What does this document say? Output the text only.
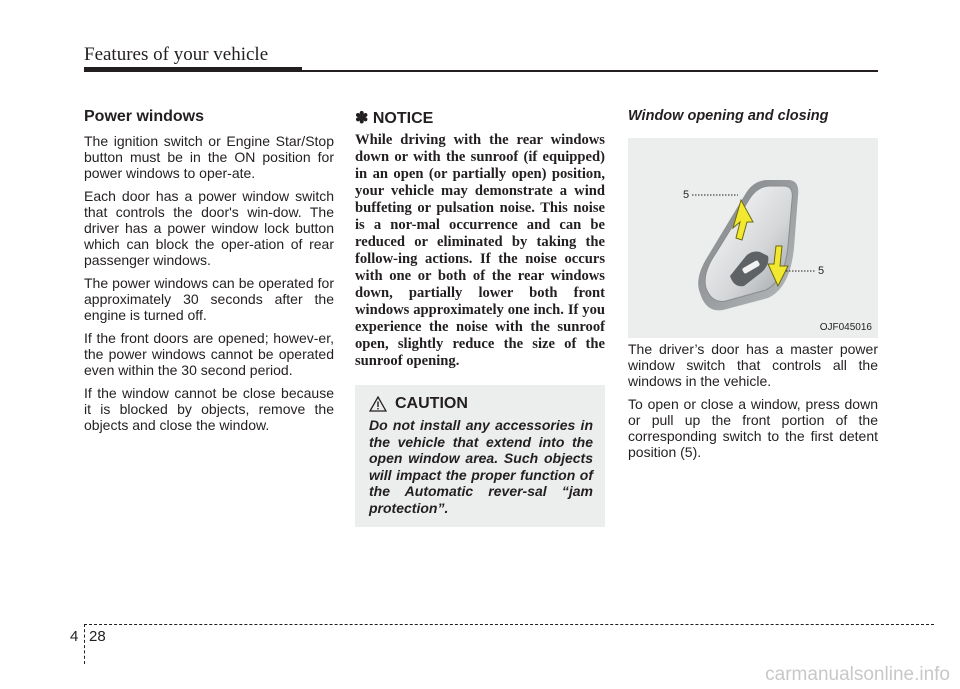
Features of your vehicle
Power windows

The ignition switch or Engine Star/Stop button must be in the ON position for power windows to oper-ate.

Each door has a power window switch that controls the door's win-dow. The driver has a power window lock button which can block the oper-ation of rear passenger windows.

The power windows can be operated for approximately 30 seconds after the engine is turned off.

If the front doors are opened; howev-er, the power windows cannot be operated even within the 30 second period.

If the window cannot be close because it is blocked by objects, remove the objects and close the window.

✽ NOTICE

While driving with the rear windows down or with the sunroof (if equipped) in an open (or partially open) position, your vehicle may demonstrate a wind buffeting or pulsation noise. This noise is a nor-mal occurrence and can be reduced or eliminated by taking the follow-ing actions. If the noise occurs with one or both of the rear windows down, partially lower both front windows approximately one inch. If you experience the noise with the sunroof open, slightly reduce the size of the sunroof opening.

CAUTION

Do not install any accessories in the vehicle that extend into the open window area. Such objects will impact the proper function of the Automatic rever-sal “jam protection”.

Window opening and closing

5
5
OJF045016

The driver’s door has a master power window switch that controls all the windows in the vehicle.

To open or close a window, press down or pull up the front portion of the corresponding switch to the first detent position (5).

4 28
carmanualsonline.info
